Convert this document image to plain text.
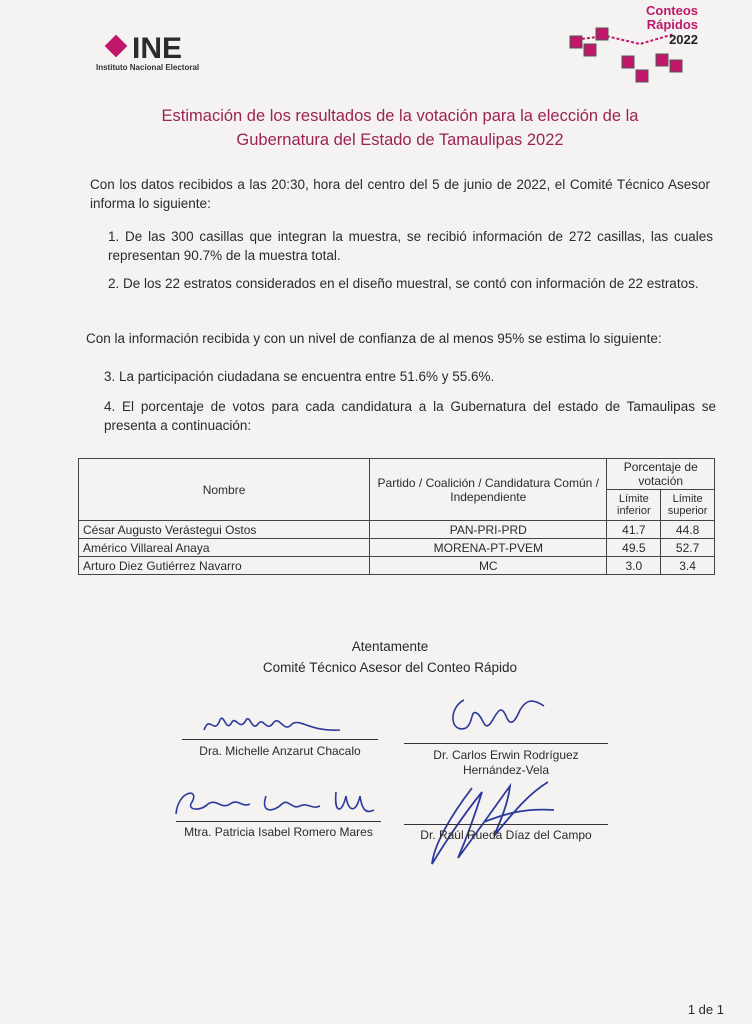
INE
Instituto Nacional Electoral
Conteos
Rápidos
2022
Estimación de los resultados de la votación para la elección de la
Gubernatura del Estado de Tamaulipas 2022
Con los datos recibidos a las 20:30, hora del centro del 5 de junio de 2022, el Comité Técnico Asesor informa lo siguiente:
1. De las 300 casillas que integran la muestra, se recibió información de 272 casillas, las cuales representan 90.7% de la muestra total.
2. De los 22 estratos considerados en el diseño muestral, se contó con información de 22 estratos.
Con la información recibida y con un nivel de confianza de al menos 95% se estima lo siguiente:
3. La participación ciudadana se encuentra entre 51.6% y 55.6%.
4. El porcentaje de votos para cada candidatura a la Gubernatura del estado de Tamaulipas se presenta a continuación:
Nombre	Partido / Coalición / Candidatura Común / Independiente	Porcentaje de votación	
		Límite inferior	Límite superior
César Augusto Verástegui Ostos	PAN-PRI-PRD	41.7	44.8
Américo Villareal Anaya	MORENA-PT-PVEM	49.5	52.7
Arturo Diez Gutiérrez Navarro	MC	3.0	3.4
Atentamente
Comité Técnico Asesor del Conteo Rápido
Dra. Michelle Anzarut Chacalo	Dr. Carlos Erwin Rodríguez
Hernández-Vela
Mtra. Patricia Isabel Romero Mares	Dr. Raúl Rueda Díaz del Campo
1 de 1
